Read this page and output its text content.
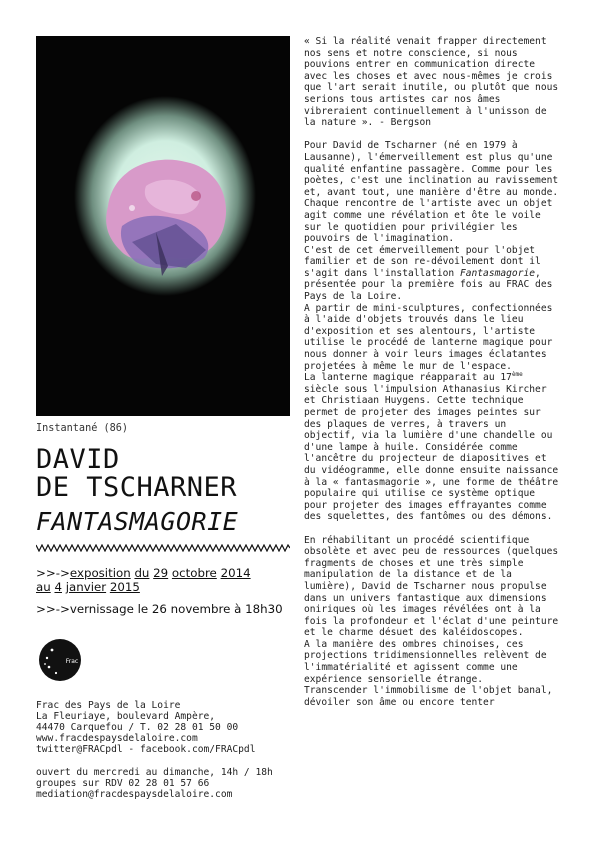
Instantané (86)
DAVID
DE TSCHARNER
FANTASMAGORIE
>>->exposition du 29 octobre 2014
au 4 janvier 2015
>>->vernissage le 26 novembre à 18h30
Frac
Frac des Pays de la Loire
La Fleuriaye, boulevard Ampère,
44470 Carquefou / T. 02 28 01 50 00
www.fracdespaysdelaloire.com
twitter@FRACpdl - facebook.com/FRACpdl
ouvert du mercredi au dimanche, 14h / 18h
groupes sur RDV 02 28 01 57 66
mediation@fracdespaysdelaloire.com

« Si la réalité venait frapper directement nos sens et notre conscience, si nous pouvions entrer en communication directe avec les choses et avec nous-mêmes je crois que l'art serait inutile, ou plutôt que nous serions tous artistes car nos âmes vibreraient continuellement à l'unisson de la nature ». - Bergson

Pour David de Tscharner (né en 1979 à Lausanne), l'émerveillement est plus qu'une qualité enfantine passagère. Comme pour les poètes, c'est une inclination au ravissement et, avant tout, une manière d'être au monde. Chaque rencontre de l'artiste avec un objet agit comme une révélation et ôte le voile sur le quotidien pour privilégier les pouvoirs de l'imagination.

C'est de cet émerveillement pour l'objet familier et de son re-dévoilement dont il s'agit dans l'installation Fantasmagorie, présentée pour la première fois au FRAC des Pays de la Loire.

A partir de mini-sculptures, confectionnées à l'aide d'objets trouvés dans le lieu d'exposition et ses alentours, l'artiste utilise le procédé de lanterne magique pour nous donner à voir leurs images éclatantes projetées à même le mur de l'espace.

La lanterne magique réapparait au 17ème siècle sous l'impulsion Athanasius Kircher et Christiaan Huygens. Cette technique permet de projeter des images peintes sur des plaques de verres, à travers un objectif, via la lumière d'une chandelle ou d'une lampe à huile. Considérée comme l'ancêtre du projecteur de diapositives et du vidéogramme, elle donne ensuite naissance à la « fantasmagorie », une forme de théâtre populaire qui utilise ce système optique pour projeter des images effrayantes comme des squelettes, des fantômes ou des démons.

En réhabilitant un procédé scientifique obsolète et avec peu de ressources (quelques fragments de choses et une très simple manipulation de la distance et de la lumière), David de Tscharner nous propulse dans un univers fantastique aux dimensions oniriques où les images révélées ont à la fois la profondeur et l'éclat d'une peinture et le charme désuet des kaléidoscopes.

A la manière des ombres chinoises, ces projections tridimensionnelles relèvent de l'immatérialité et agissent comme une expérience sensorielle étrange.

Transcender l'immobilisme de l'objet banal, dévoiler son âme ou encore tenter
